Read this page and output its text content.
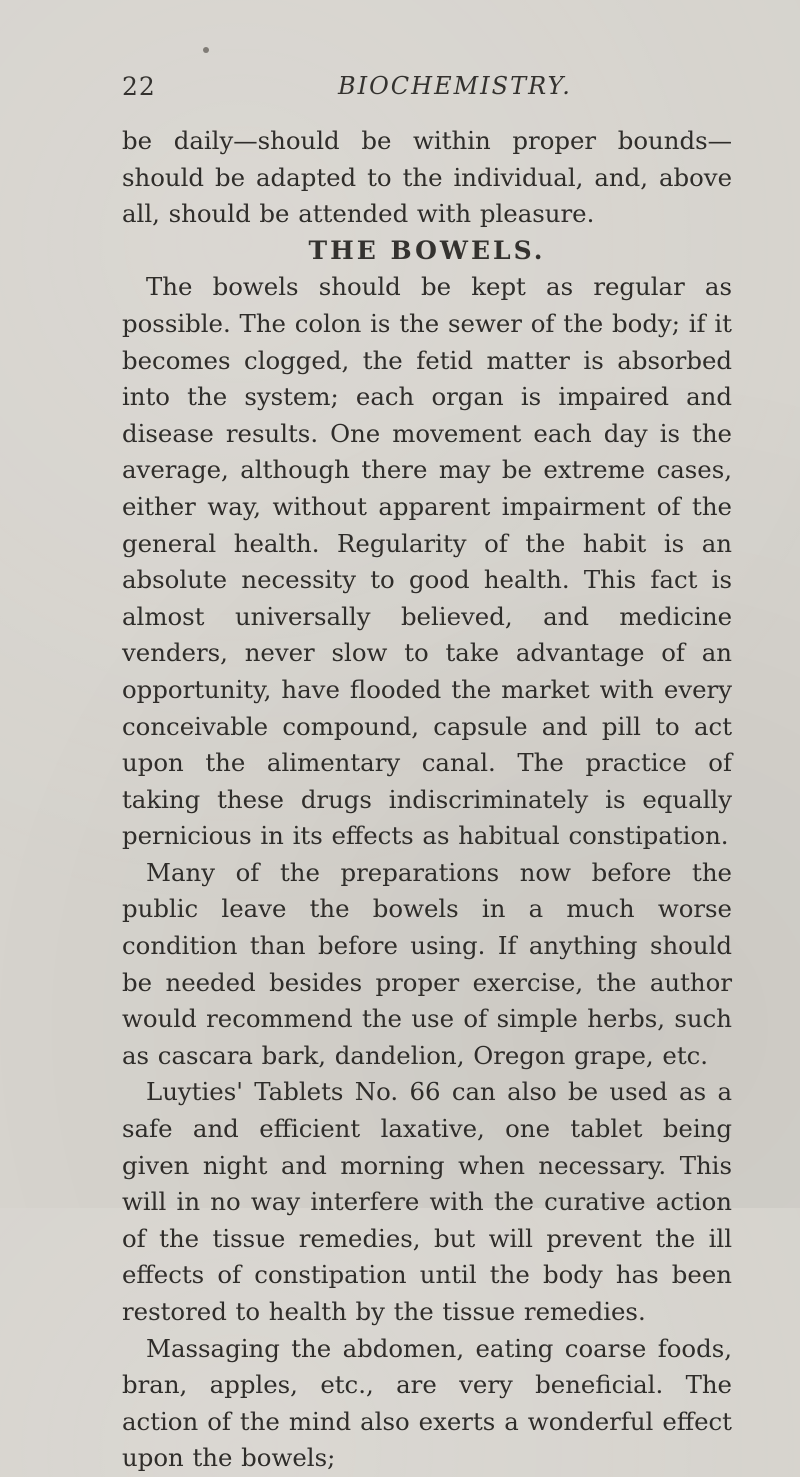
22	BIOCHEMISTRY.

be daily—should be within proper bounds—should be adapted to the individual, and, above all, should be attended with pleasure.

THE BOWELS.

The bowels should be kept as regular as possible. The colon is the sewer of the body; if it becomes clogged, the fetid matter is absorbed into the system; each organ is impaired and disease results. One movement each day is the average, although there may be extreme cases, either way, without apparent impairment of the general health. Regularity of the habit is an absolute necessity to good health. This fact is almost universally believed, and medicine venders, never slow to take advantage of an opportunity, have flooded the market with every conceivable compound, capsule and pill to act upon the alimentary canal. The practice of taking these drugs indiscriminately is equally pernicious in its effects as habitual constipation.

Many of the preparations now before the public leave the bowels in a much worse condition than before using. If anything should be needed besides proper exercise, the author would recommend the use of simple herbs, such as cascara bark, dandelion, Oregon grape, etc.

Luyties' Tablets No. 66 can also be used as a safe and efficient laxative, one tablet being given night and morning when necessary. This will in no way interfere with the curative action of the tissue remedies, but will prevent the ill effects of constipation until the body has been restored to health by the tissue remedies.

Massaging the abdomen, eating coarse foods, bran, apples, etc., are very beneficial. The action of the mind also exerts a wonderful effect upon the bowels;
